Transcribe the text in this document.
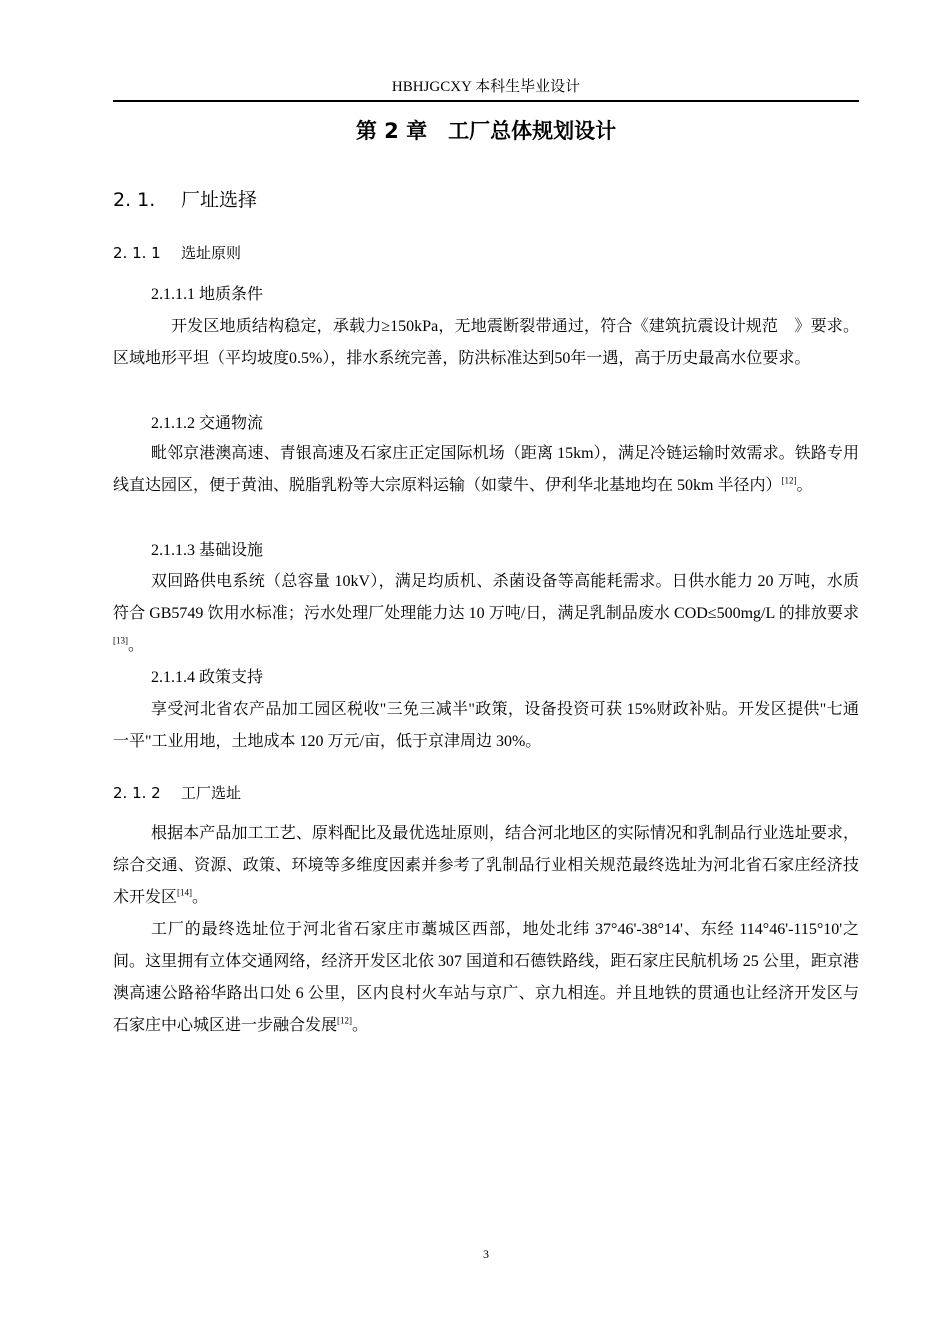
HBHJGCXY 本科生毕业设计
第 2 章　工厂总体规划设计
2. 1. 厂址选择
2. 1. 1 选址原则
2.1.1.1 地质条件
开发区地质结构稳定，承载力≥150kPa，无地震断裂带通过，符合《建筑抗震设计规范　》要求。区域地形平坦（平均坡度0.5%），排水系统完善，防洪标准达到50年一遇，高于历史最高水位要求。
2.1.1.2 交通物流
毗邻京港澳高速、青银高速及石家庄正定国际机场（距离 15km），满足冷链运输时效需求。铁路专用线直达园区，便于黄油、脱脂乳粉等大宗原料运输（如蒙牛、伊利华北基地均在 50km 半径内）[12]。
2.1.1.3 基础设施
双回路供电系统（总容量 10kV），满足均质机、杀菌设备等高能耗需求。日供水能力 20 万吨，水质符合 GB5749 饮用水标准；污水处理厂处理能力达 10 万吨/日，满足乳制品废水 COD≤500mg/L 的排放要求[13]。
2.1.1.4 政策支持
享受河北省农产品加工园区税收"三免三减半"政策，设备投资可获 15%财政补贴。开发区提供"七通一平"工业用地，土地成本 120 万元/亩，低于京津周边 30%。
2. 1. 2 工厂选址
根据本产品加工工艺、原料配比及最优选址原则，结合河北地区的实际情况和乳制品行业选址要求，综合交通、资源、政策、环境等多维度因素并参考了乳制品行业相关规范最终选址为河北省石家庄经济技术开发区[14]。
工厂的最终选址位于河北省石家庄市藁城区西部，地处北纬 37°46'-38°14'、东经 114°46'-115°10'之间。这里拥有立体交通网络，经济开发区北依 307 国道和石德铁路线，距石家庄民航机场 25 公里，距京港澳高速公路裕华路出口处 6 公里，区内良村火车站与京广、京九相连。并且地铁的贯通也让经济开发区与石家庄中心城区进一步融合发展[12]。
3
